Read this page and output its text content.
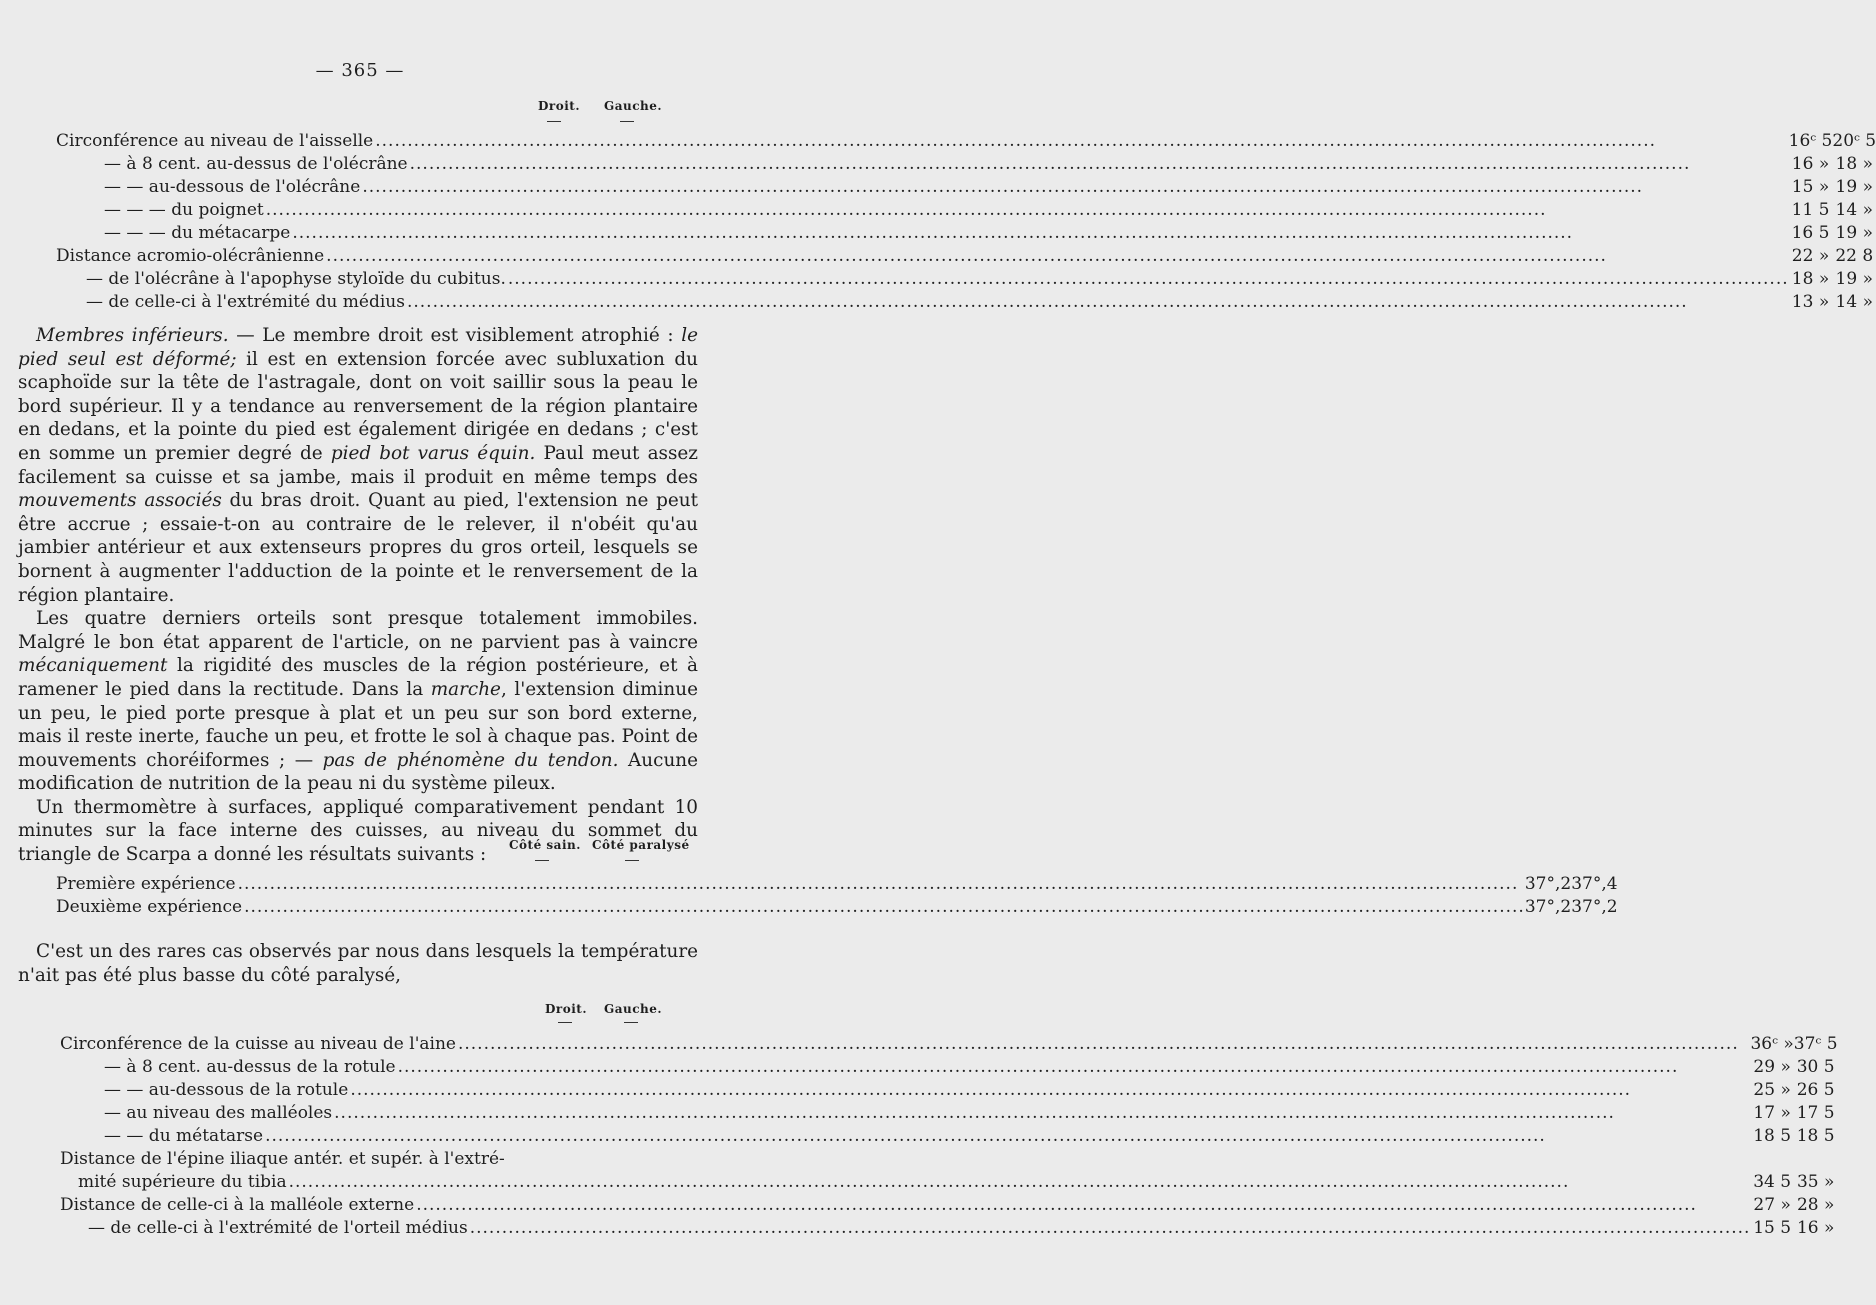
— 365 —
Droit. Gauche.
Circonférence au niveau de l'aisselle ........................................................................................................................................................................................................	16ᶜ 5	20ᶜ 5
— à 8 cent. au-dessus de l'olécrâne ........................................................................................................................................................................................................	16 »	18 »
— — au-dessous de l'olécrâne ........................................................................................................................................................................................................	15 »	19 »
— — — du poignet ........................................................................................................................................................................................................	11 5	14 »
— — — du métacarpe ........................................................................................................................................................................................................	16 5	19 »
Distance acromio-olécrânienne ........................................................................................................................................................................................................	22 »	22 8
— de l'olécrâne à l'apophyse styloïde du cubitus. ........................................................................................................................................................................................................	18 »	19 »
— de celle-ci à l'extrémité du médius ........................................................................................................................................................................................................	13 »	14 »

Membres inférieurs. — Le membre droit est visiblement atrophié : le pied seul est déformé; il est en extension forcée avec subluxation du scaphoïde sur la tête de l'astragale, dont on voit saillir sous la peau le bord supérieur. Il y a tendance au renversement de la région plantaire en dedans, et la pointe du pied est également dirigée en dedans ; c'est en somme un premier degré de pied bot varus équin. Paul meut assez facilement sa cuisse et sa jambe, mais il produit en même temps des mouvements associés du bras droit. Quant au pied, l'extension ne peut être accrue ; essaie-t-on au contraire de le relever, il n'obéit qu'au jambier antérieur et aux extenseurs propres du gros orteil, lesquels se bornent à augmenter l'adduction de la pointe et le renversement de la région plantaire.

Les quatre derniers orteils sont presque totalement immobiles. Malgré le bon état apparent de l'article, on ne parvient pas à vaincre mécaniquement la rigidité des muscles de la région postérieure, et à ramener le pied dans la rectitude. Dans la marche, l'extension diminue un peu, le pied porte presque à plat et un peu sur son bord externe, mais il reste inerte, fauche un peu, et frotte le sol à chaque pas. Point de mouvements choréiformes ; — pas de phénomène du tendon. Aucune modification de nutrition de la peau ni du système pileux.

Un thermomètre à surfaces, appliqué comparativement pendant 10 minutes sur la face interne des cuisses, au niveau du sommet du triangle de Scarpa a donné les résultats suivants :	Côté sain. Côté paralysé
Première expérience ........................................................................................................................................................................................................	37°,2	37°,4
Deuxième expérience ........................................................................................................................................................................................................	37°,2	37°,2

C'est un des rares cas observés par nous dans lesquels la température n'ait pas été plus basse du côté paralysé,

Droit. Gauche.
Circonférence de la cuisse au niveau de l'aine ........................................................................................................................................................................................................	36ᶜ »	37ᶜ 5
— à 8 cent. au-dessus de la rotule ........................................................................................................................................................................................................	29 »	30 5
— — au-dessous de la rotule ........................................................................................................................................................................................................	25 »	26 5
— au niveau des malléoles ........................................................................................................................................................................................................	17 »	17 5
— — du métatarse ........................................................................................................................................................................................................	18 5	18 5
Distance de l'épine iliaque antér. et supér. à l'extré-		
mité supérieure du tibia ........................................................................................................................................................................................................	34 5	35 »
Distance de celle-ci à la malléole externe ........................................................................................................................................................................................................	27 »	28 »
— de celle-ci à l'extrémité de l'orteil médius ........................................................................................................................................................................................................	15 5	16 »
